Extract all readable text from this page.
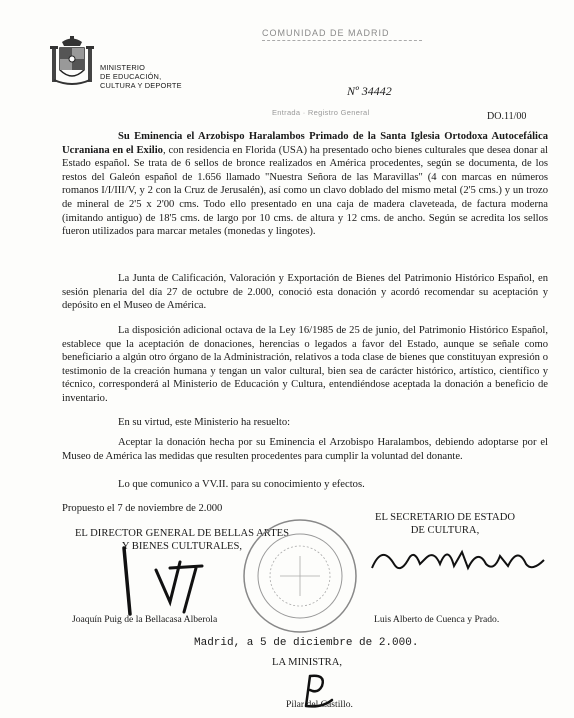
MINISTERIO
DE EDUCACIÓN,
CULTURA Y DEPORTE
COMUNIDAD DE MADRID
Entrada · Registro General
Nº 34442
DO.11/00
Su Eminencia el Arzobispo Haralambos Primado de la Santa Iglesia Ortodoxa Autocefálica Ucraniana en el Exilio, con residencia en Florida (USA) ha presentado ocho bienes culturales que desea donar al Estado español. Se trata de 6 sellos de bronce realizados en América procedentes, según se documenta, de los restos del Galeón español de 1.656 llamado "Nuestra Señora de las Maravillas" (4 con marcas en números romanos I/I/III/V, y 2 con la Cruz de Jerusalén), así como un clavo doblado del mismo metal (2'5 cms.) y un trozo de mineral de 2'5 x 2'00 cms. Todo ello presentado en una caja de madera claveteada, de factura moderna (imitando antiguo) de 18'5 cms. de largo por 10 cms. de altura y 12 cms. de ancho. Según se acredita los sellos fueron utilizados para marcar metales (monedas y lingotes).
La Junta de Calificación, Valoración y Exportación de Bienes del Patrimonio Histórico Español, en sesión plenaria del día 27 de octubre de 2.000, conoció esta donación y acordó recomendar su aceptación y depósito en el Museo de América.
La disposición adicional octava de la Ley 16/1985 de 25 de junio, del Patrimonio Histórico Español, establece que la aceptación de donaciones, herencias o legados a favor del Estado, aunque se señale como beneficiario a algún otro órgano de la Administración, relativos a toda clase de bienes que constituyan expresión o testimonio de la creación humana y tengan un valor cultural, bien sea de carácter histórico, artístico, científico y técnico, corresponderá al Ministerio de Educación y Cultura, entendiéndose aceptada la donación a beneficio de inventario.
En su virtud, este Ministerio ha resuelto:
Aceptar la donación hecha por su Eminencia el Arzobispo Haralambos, debiendo adoptarse por el Museo de América las medidas que resulten procedentes para cumplir la voluntad del donante.
Lo que comunico a VV.II. para su conocimiento y efectos.
Propuesto el 7 de noviembre de 2.000
EL DIRECTOR GENERAL DE BELLAS ARTES
Y BIENES CULTURALES,
Joaquín Puig de la Bellacasa Alberola
EL SECRETARIO DE ESTADO
DE CULTURA,
Luis Alberto de Cuenca y Prado.
Madrid, a 5 de diciembre de 2.000.
LA MINISTRA,
Pilar del Castillo.
